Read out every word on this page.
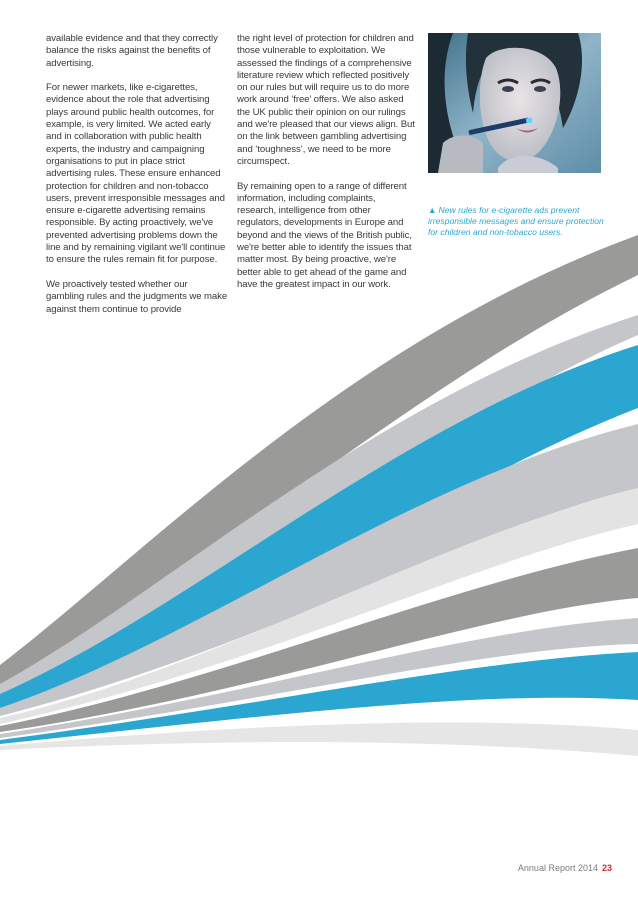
available evidence and that they correctly balance the risks against the benefits of advertising.

For newer markets, like e-cigarettes, evidence about the role that advertising plays around public health outcomes, for example, is very limited. We acted early and in collaboration with public health experts, the industry and campaigning organisations to put in place strict advertising rules. These ensure enhanced protection for children and non-tobacco users, prevent irresponsible messages and ensure e-cigarette advertising remains responsible. By acting proactively, we've prevented advertising problems down the line and by remaining vigilant we'll continue to ensure the rules remain fit for purpose.

We proactively tested whether our gambling rules and the judgments we make against them continue to provide

the right level of protection for children and those vulnerable to exploitation. We assessed the findings of a comprehensive literature review which reflected positively on our rules but will require us to do more work around ‘free’ offers. We also asked the UK public their opinion on our rulings and we're pleased that our views align. But on the link between gambling advertising and ‘toughness’, we need to be more circumspect.

By remaining open to a range of different information, including complaints, research, intelligence from other regulators, developments in Europe and beyond and the views of the British public, we're better able to identify the issues that matter most. By being proactive, we're better able to get ahead of the game and have the greatest impact in our work.

▲ New rules for e-cigarette ads prevent irresponsible messages and ensure protection for children and non-tobacco users.
Annual Report 2014 23
